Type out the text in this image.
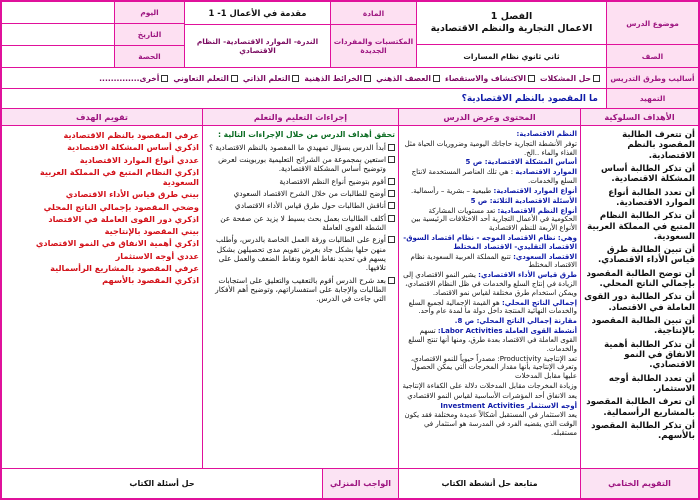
موضوع الدرس
الصف
الفصل 1
الاعمال التجارية والنظم الاقتصادية
ثاني ثانوي نظام المسارات
المادة
المكتسبات والمفردات الجديدة
مقدمة في الأعمال 1- 1
الندرة- الموارد الاقتصادية- النظام الاقتصادي
اليوم
التاريخ
الحصة
أساليب وطرق التدريس
حل المشكلات
الاكتشاف والاستقصاء
العصف الذهني
الخرائط الذهنية
التعلم الذاتي
التعلم التعاوني
أخرى..............
التمهيد
ما المقصود بالنظم الاقتصادية؟
الأهداف السلوكية
المحتوى وعرض الدرس
إجراءات التعليم والتعلم
تقويم الهدف
أن تتعرف الطالبة المقصود بالنظم الاقتصادية.
أن تذكر الطالبة أساس المشكلة الاقتصادية.
أن تعدد الطالبة أنواع الموارد الاقتصادية.
أن تذكر الطالبة النظام المتبع في المملكة العربية السعودية.
أن تبين الطالبة طرق قياس الأداء الاقتصادي.
أن توضح الطالبة المقصود بإجمالي الناتج المحلي.
أن تذكر الطالبة دور القوى العاملة في الاقتصاد.
أن تبين الطالبة المقصود بالإنتاجية.
أن تذكر الطالبة أهمية الانفاق في النمو الاقتصادي.
أن تعدد الطالبة أوجه الاستثمار.
أن تعرف الطالبة المقصود بالمشاريع الرأسمالية.
أن تذكر الطالبة المقصود بالأسهم.
النظم الاقتصادية:
توفر الأنشطة التجارية حاجاتك اليومية وضروريات الحياة مثل الغذاء والماء ..الخ.
أساس المشكلة الاقتصادية: ص 5
الموارد الاقتصادية : هي تلك العناصر المستخدمة لانتاج السلع والخدمات.
أنواع الموارد الاقتصادية: طبيعية – بشرية – رأسمالية.
الأسئلة الاقتصادية الثلاثة: ص 5
أنواع النظم الاقتصادية: تعد مستويات المشاركة الحكومية في الأعمال التجارية أحد الاختلافات الرئيسية بين الأنواع الأربعة للنظم الاقتصادية
وهي: نظام الاقتصاد الموجه - نظام اقتصاد السوق- الاقتصاد التقليدي- الاقتصاد المختلط
الاقتصاد السعودي: تتبع المملكة العربية السعودية نظام الاقتصاد المختلط
طرق قياس الأداء الاقتصادي: يشير النمو الاقتصادي إلى الزيادة في إنتاج السلع والخدمات في ظل النظام الاقتصادي، ويمكن استخدام طرق مختلفة لقياس نمو الاقتصاد.
إجمالي الناتج المحلي: هو القيمة الإجمالية لجميع السلع والخدمات النهائية المنتجة داخل دولة ما لمدة عام واحد.
مقارنة إجمالي الناتج المحلي: ص 8.
أنشطة القوى العاملة Labor Activities: تسهم القوى العاملة في الاقتصاد بعدة طرق، ومنها أنها تنتج السلع والخدمات.
تعد الإنتاجية Productivity: مصدراً حيوياً للنمو الاقتصادي، وتعرف الإنتاجية بأنها مقدار المخرجات التي يمكن الحصول عليها مقابل المدخلات
وزيادة المخرجات مقابل المدخلات دلالة على الكفاءة الإنتاجية
يعد الانفاق أحد المؤشرات الأساسية لقياس النمو الاقتصادي
أوجه الاستثمار Investment Activities
يعد الاستثمار في المستقبل أشكالاً عديدة ومختلفة فقد يكون الوقت الذي يقضيه الفرد في المدرسة هو استثمار في مستقبله.
تحقق أهداف الدرس من خلال الإجراءات التالية :
أبدأ الدرس بسؤال تمهيدي ما المقصود بالنظم الاقتصادية ؟
استعين بمجموعة من الشرائح التعليمية بوربوينت لعرض وتوضيح أساس المشكلة الاقتصادية.
أقوم بتوضيح أنواع النظم الاقتصادية
أوضح للطالبات من خلال الشرح الاقتصاد السعودي
أناقش الطالبات حول طرق قياس الأداء الاقتصادي
أكلف الطالبات بعمل بحث بسيط لا يزيد عن صفحة عن الشطة القوى العاملة
أوزع على الطالبات ورقة العمل الخاصة بالدرس، وأطلب منهن حلها بشكل جاد بغرض تقويم مدى تحصيلهن بشكل يسهم في تحديد نقاط القوة ونقاط الضعف والعمل على تلافيها.
بعد شرح الدرس أقوم بالتعقيب والتعليق على استجابات الطالبات والإجابة على استفساراتهم، وتوضيح أهم الأفكار التي جاءت في الدرس.
عرفي المقصود بالنظم الاقتصادية
اذكري أساس المشكلة الاقتصادية
عددي أنواع الموارد الاقتصادية
اذكري النظام المتبع في المملكة العربية السعودية
بيني طرق قياس الأداء الاقتصادي
وضحي المقصود بإجمالي الناتج المحلي
اذكري دور القوى العاملة في الاقتصاد
بيني المقصود بالإنتاجية
اذكري أهمية الانفاق في النمو الاقتصادي
عددي أوجه الاستثمار
عرفي المقصود بالمشاريع الرأسمالية
اذكري المقصود بالأسهم
التقويم الختامي
متابعة حل أنشطة الكتاب
الواجب المنزلي
حل أسئلة الكتاب
